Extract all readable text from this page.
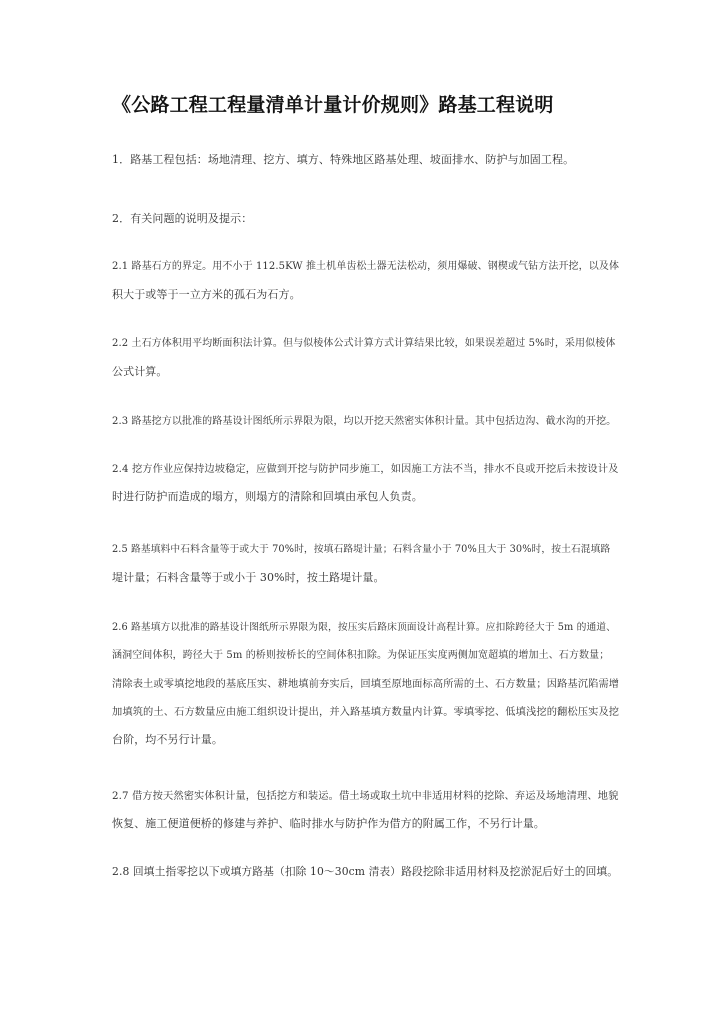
《公路工程工程量清单计量计价规则》路基工程说明
1．路基工程包括：场地清理、挖方、填方、特殊地区路基处理、坡面排水、防护与加固工程。
2．有关问题的说明及提示：
2.1 路基石方的界定。用不小于 112.5KW 推土机单齿松土器无法松动，须用爆破、钢楔或气钻方法开挖，以及体
积大于或等于一立方米的孤石为石方。
2.2 土石方体积用平均断面积法计算。但与似棱体公式计算方式计算结果比较，如果误差超过 5%时，采用似棱体
公式计算。
2.3 路基挖方以批准的路基设计图纸所示界限为限，均以开挖天然密实体积计量。其中包括边沟、截水沟的开挖。
2.4 挖方作业应保持边坡稳定，应做到开挖与防护同步施工，如因施工方法不当，排水不良或开挖后未按设计及
时进行防护而造成的塌方，则塌方的清除和回填由承包人负责。
2.5 路基填料中石料含量等于或大于 70%时，按填石路堤计量；石料含量小于 70%且大于 30%时，按土石混填路
堤计量；石料含量等于或小于 30%时，按土路堤计量。
2.6 路基填方以批准的路基设计图纸所示界限为限，按压实后路床顶面设计高程计算。应扣除跨径大于 5m 的通道、
涵洞空间体积，跨径大于 5m 的桥则按桥长的空间体积扣除。为保证压实度两侧加宽超填的增加土、石方数量；
清除表土或零填挖地段的基底压实、耕地填前夯实后，回填至原地面标高所需的土、石方数量；因路基沉陷需增
加填筑的土、石方数量应由施工组织设计提出，并入路基填方数量内计算。零填零挖、低填浅挖的翻松压实及挖
台阶，均不另行计量。
2.7 借方按天然密实体积计量，包括挖方和装运。借土场或取土坑中非适用材料的挖除、弃运及场地清理、地貌
恢复、施工便道便桥的修建与养护、临时排水与防护作为借方的附属工作，不另行计量。
2.8 回填土指零挖以下或填方路基（扣除 10～30cm 清表）路段挖除非适用材料及挖淤泥后好土的回填。
